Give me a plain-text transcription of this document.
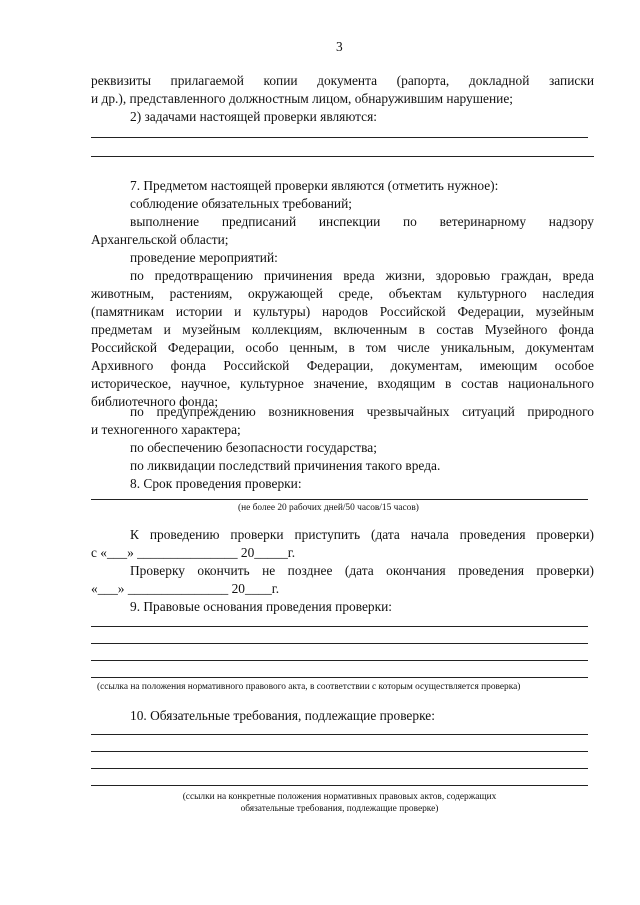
3
реквизиты прилагаемой копии документа (рапорта, докладной записки
и др.), представленного должностным лицом, обнаружившим нарушение;
2) задачами настоящей проверки являются:
7. Предметом настоящей проверки являются (отметить нужное):
соблюдение обязательных требований;
выполнение предписаний инспекции по ветеринарному надзору
Архангельской области;
проведение мероприятий:
по предотвращению причинения вреда жизни, здоровью граждан, вреда
животным, растениям, окружающей среде, объектам культурного наследия
(памятникам истории и культуры) народов Российской Федерации, музейным
предметам и музейным коллекциям, включенным в состав Музейного фонда
Российской Федерации, особо ценным, в том числе уникальным, документам
Архивного фонда Российской Федерации, документам, имеющим особое
историческое, научное, культурное значение, входящим в состав национального
библиотечного фонда;
по предупреждению возникновения чрезвычайных ситуаций природного
и техногенного характера;
по обеспечению безопасности государства;
по ликвидации последствий причинения такого вреда.
8. Срок проведения проверки:
(не более 20 рабочих дней/50 часов/15 часов)
К проведению проверки приступить (дата начала проведения проверки)
с «___» _______________ 20_____г.
Проверку окончить не позднее (дата окончания проведения проверки)
«___» _______________ 20____г.
9. Правовые основания проведения проверки:
(ссылка на положения нормативного правового акта, в соответствии с которым осуществляется проверка)
10. Обязательные требования, подлежащие проверке:
(ссылки на конкретные положения нормативных правовых актов, содержащих
обязательные требования, подлежащие проверке)
